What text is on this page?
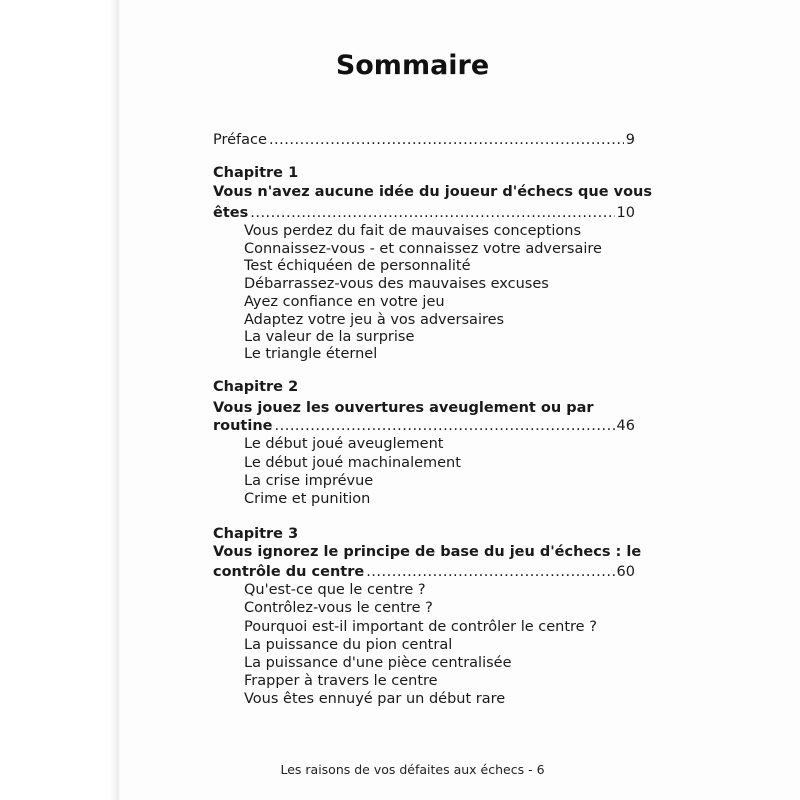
Sommaire
Préface .....	9
Chapitre 1
Vous n'avez aucune idée du joueur d'échecs que vous
êtes .....	10
Vous perdez du fait de mauvaises conceptions
Connaissez-vous - et connaissez votre adversaire
Test échiquéen de personnalité
Débarrassez-vous des mauvaises excuses
Ayez confiance en votre jeu
Adaptez votre jeu à vos adversaires
La valeur de la surprise
Le triangle éternel
Chapitre 2
Vous jouez les ouvertures aveuglement ou par
routine .....	46
Le début joué aveuglement
Le début joué machinalement
La crise imprévue
Crime et punition
Chapitre 3
Vous ignorez le principe de base du jeu d'échecs : le
contrôle du centre .....	60
Qu'est-ce que le centre ?
Contrôlez-vous le centre ?
Pourquoi est-il important de contrôler le centre ?
La puissance du pion central
La puissance d'une pièce centralisée
Frapper à travers le centre
Vous êtes ennuyé par un début rare
Les raisons de vos défaites aux échecs - 6
